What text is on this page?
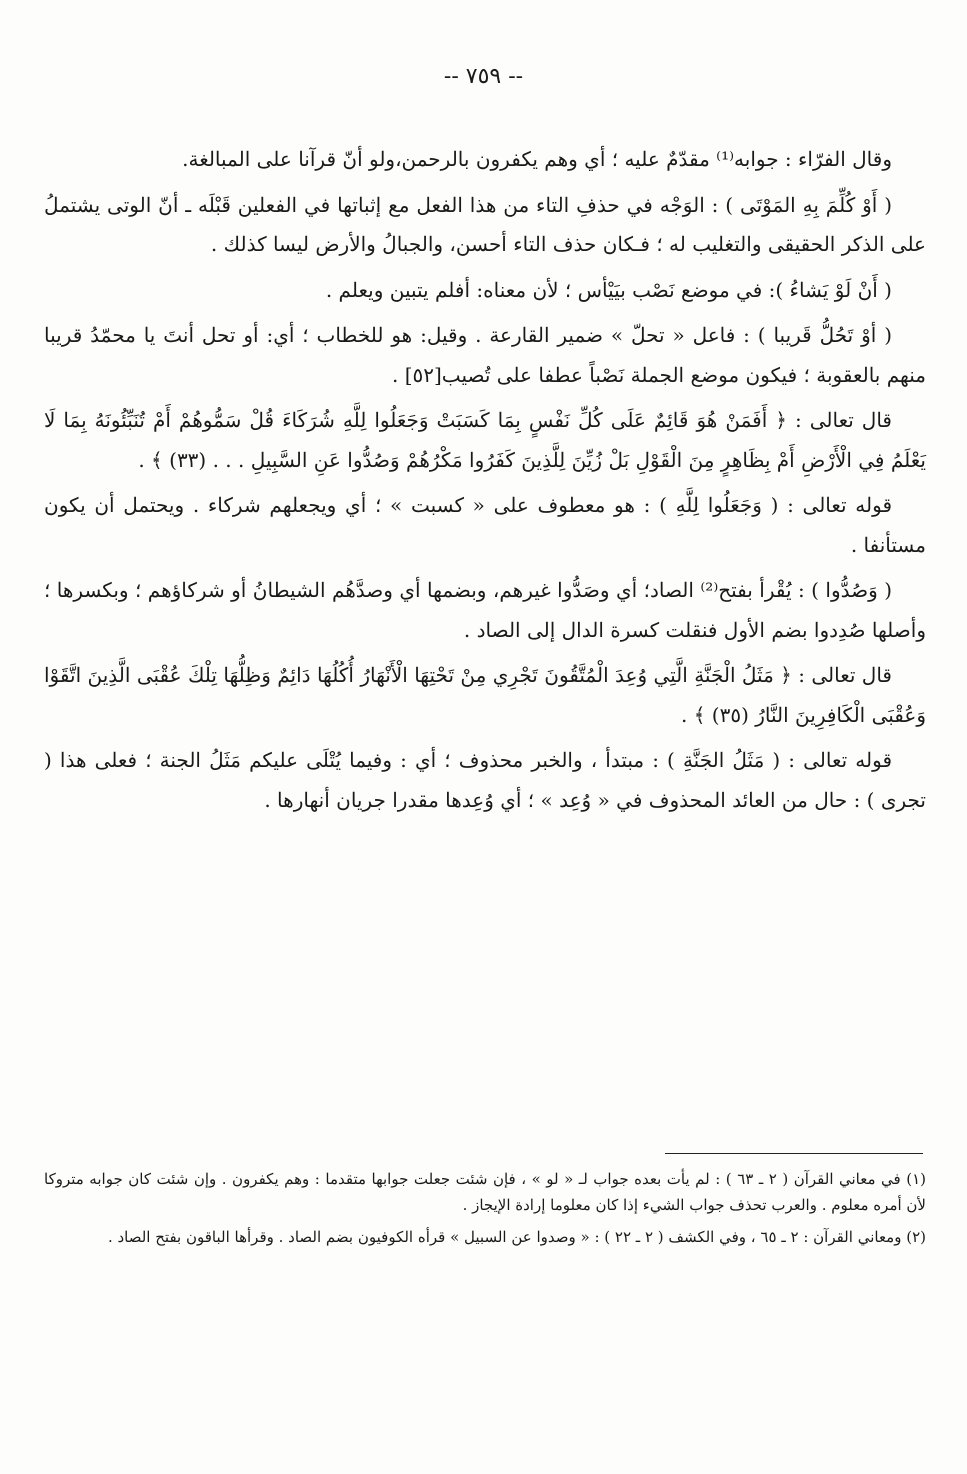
-- ٧٥٩ --

وقال الفرّاء : جوابه⁽¹⁾ مقدّمٌ عليه ؛ أي وهم يكفرون بالرحمن،ولو أنّ قرآنا على المبالغة.

( أَوْ كُلِّمَ بِهِ المَوْتَى ) : الوَجْه في حذفِ التاء من هذا الفعل مع إثباتها في الفعلين قَبْلَه ـ أنّ الوتى يشتملُ على الذكر الحقيقى والتغليب له ؛ فـكان حذف التاء أحسن، والجبالُ والأرض ليسا كذلك .

( أَنْ لَوْ يَشاءُ ): في موضع نَصْب بيَيْأس ؛ لأن معناه: أفلم يتبين ويعلم .

( أوْ تَحُلُّ قَريبا ) : فاعل « تحلّ » ضمير القارعة . وقيل: هو للخطاب ؛ أي: أو تحل أنتَ يا محمّدُ قريبا منهم بالعقوبة ؛ فيكون موضع الجملة نَصْباً عطفا على تُصيب[٥٢] .

قال تعالى : ﴿ أَفَمَنْ هُوَ قَائِمٌ عَلَى كُلِّ نَفْسٍ بِمَا كَسَبَتْ وَجَعَلُوا لِلَّهِ شُرَكَاءَ قُلْ سَمُّوهُمْ أَمْ تُنَبِّئُونَهُ بِمَا لَا يَعْلَمُ فِي الْأَرْضِ أَمْ بِظَاهِرٍ مِنَ الْقَوْلِ بَلْ زُيِّنَ لِلَّذِينَ كَفَرُوا مَكْرُهُمْ وَصُدُّوا عَنِ السَّبِيلِ . . . (٣٣) ﴾ .

قوله تعالى : ( وَجَعَلُوا لِلَّهِ ) : هو معطوف على « كسبت » ؛ أي ويجعلهم شركاء . ويحتمل أن يكون مستأنفا .

( وَصُدُّوا ) : يُقْرأ بفتح⁽²⁾ الصاد؛ أي وصَدُّوا غيرهم، وبضمها أي وصدَّهُم الشيطانُ أو شركاؤهم ؛ وبكسرها ؛ وأصلها صُدِدوا بضم الأول فنقلت كسرة الدال إلى الصاد .

قال تعالى : ﴿ مَثَلُ الْجَنَّةِ الَّتِي وُعِدَ الْمُتَّقُونَ تَجْرِي مِنْ تَحْتِهَا الْأَنْهَارُ أُكُلُهَا دَائِمٌ وَظِلُّهَا تِلْكَ عُقْبَى الَّذِينَ اتَّقَوْا وَعُقْبَى الْكَافِرِينَ النَّارُ (٣٥) ﴾ .

قوله تعالى : ( مَثَلُ الجَنَّةِ ) : مبتدأ ، والخبر محذوف ؛ أي : وفيما يُتْلَى عليكم مَثَلُ الجنة ؛ فعلى هذا ( تجرى ) : حال من العائد المحذوف في « وُعِد » ؛ أي وُعِدها مقدرا جريان أنهارها .

(١) في معاني القرآن ( ٢ ـ ٦٣ ) : لم يأت بعده جواب لـ « لو » ، فإن شئت جعلت جوابها متقدما : وهم يكفرون . وإن شئت كان جوابه متروكا لأن أمره معلوم . والعرب تحذف جواب الشيء إذا كان معلوما إرادة الإيجاز .

(٢) ومعاني القرآن : ٢ ـ ٦٥ ، وفي الكشف ( ٢ ـ ٢٢ ) : « وصدوا عن السبيل » قرأه الكوفيون بضم الصاد . وقرأها الباقون بفتح الصاد .
